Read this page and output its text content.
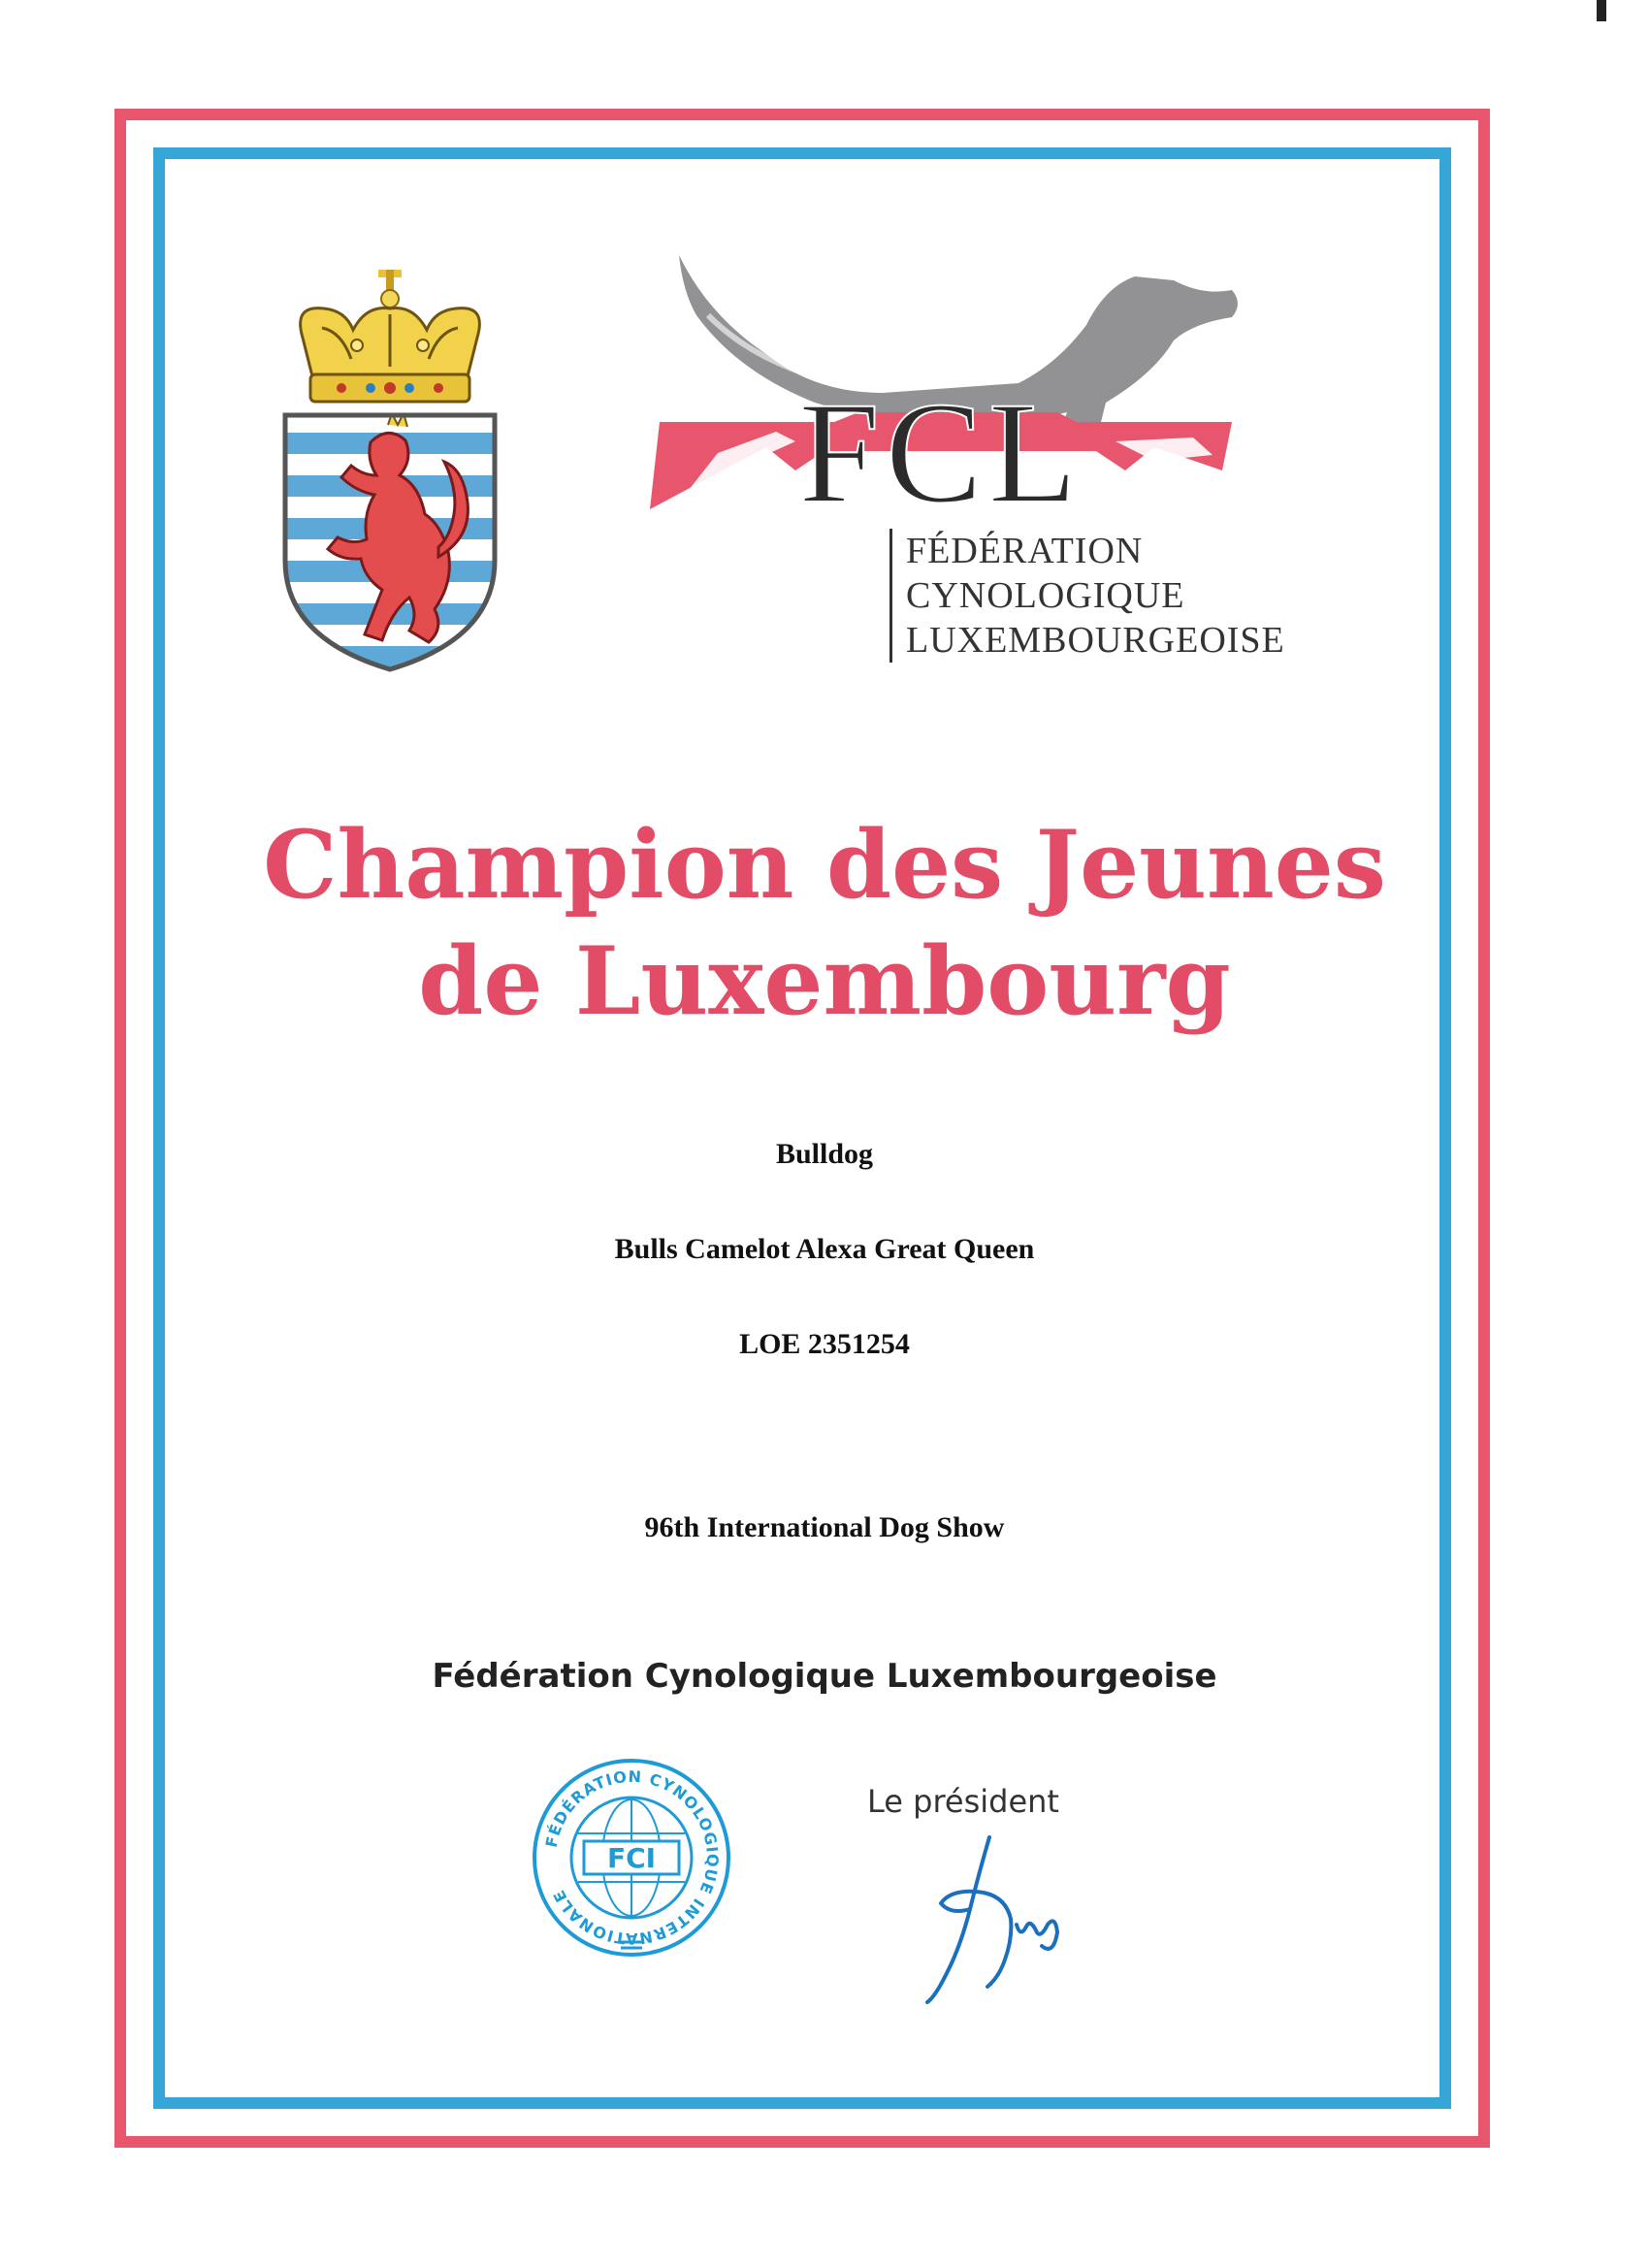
FCL
FÉDÉRATION
CYNOLOGIQUE
LUXEMBOURGEOISE
Champion des Jeunes
de Luxembourg
Bulldog
Bulls Camelot Alexa Great Queen
LOE 2351254
96th International Dog Show
Fédération Cynologique Luxembourgeoise
FÉDÉRATION CYNOLOGIQUE INTERNATIONALE
FCI
Le président
